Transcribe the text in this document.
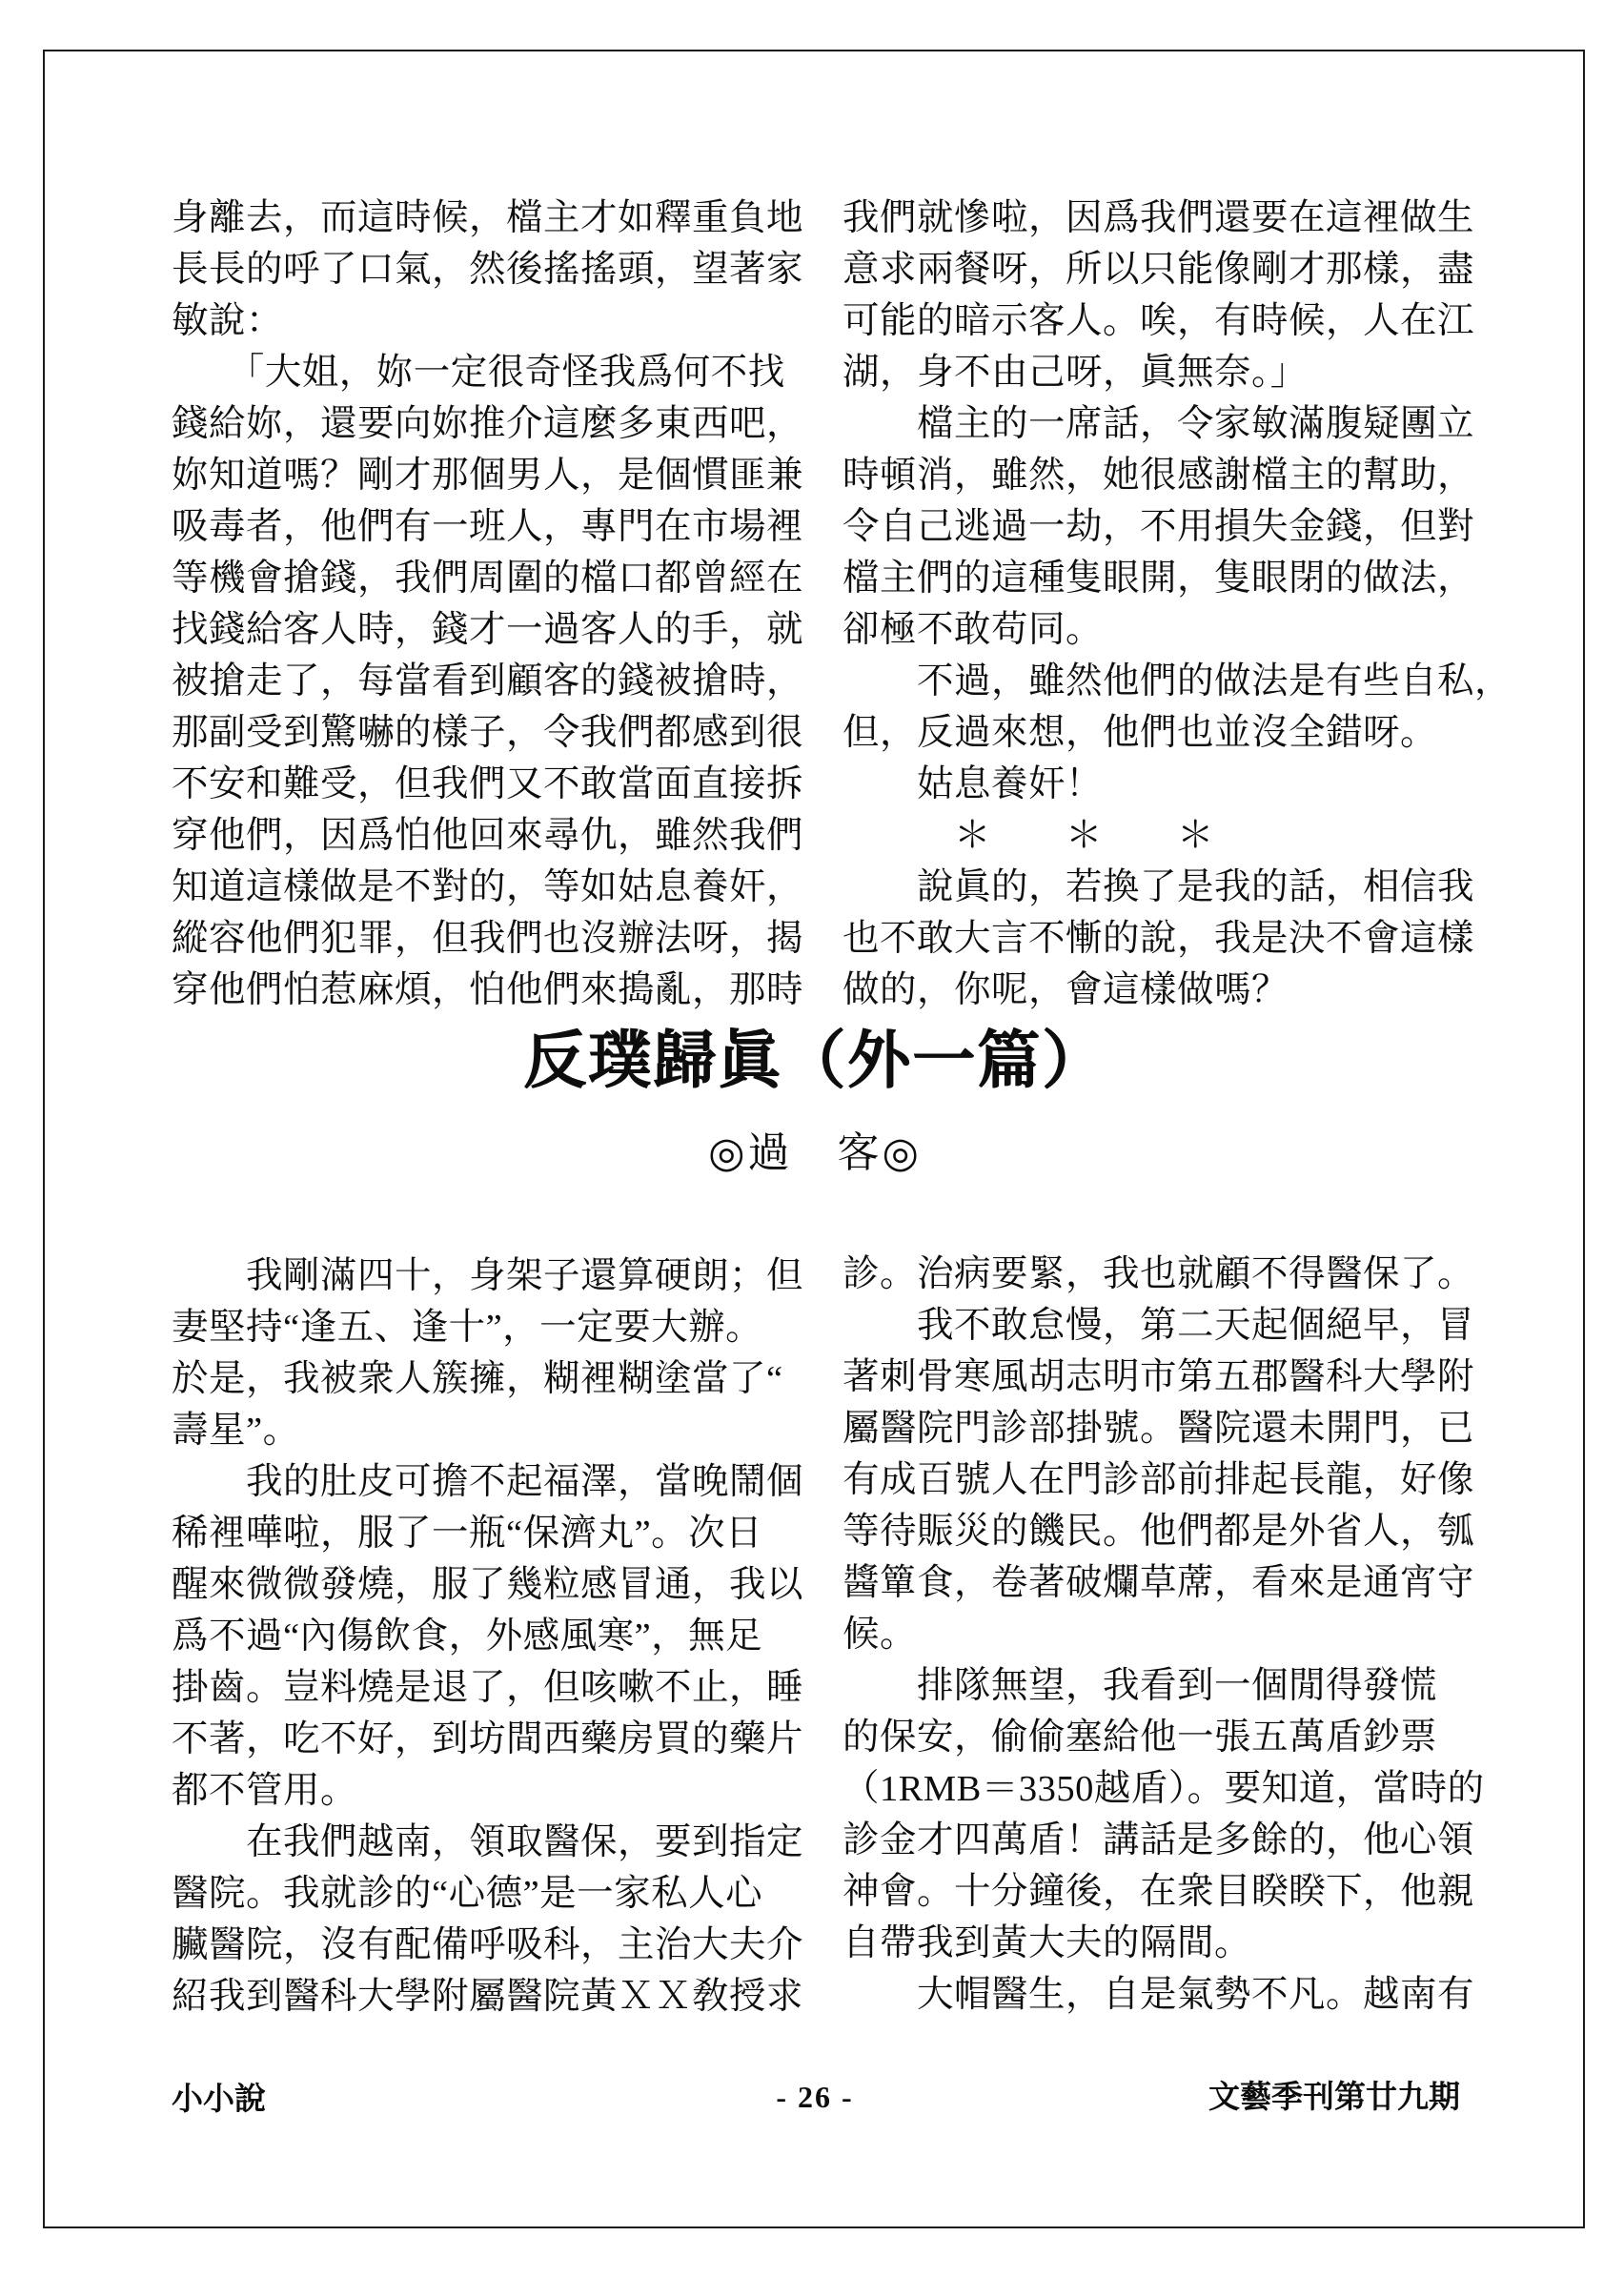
身離去，而這時候，檔主才如釋重負地
長長的呼了口氣，然後搖搖頭，望著家
敏說：
　　「大姐，妳一定很奇怪我爲何不找
錢給妳，還要向妳推介這麼多東西吧，
妳知道嗎？剛才那個男人，是個慣匪兼
吸毒者，他們有一班人，專門在市場裡
等機會搶錢，我們周圍的檔口都曾經在
找錢給客人時，錢才一過客人的手，就
被搶走了，每當看到顧客的錢被搶時，
那副受到驚嚇的樣子，令我們都感到很
不安和難受，但我們又不敢當面直接拆
穿他們，因爲怕他回來尋仇，雖然我們
知道這樣做是不對的，等如姑息養奸，
縱容他們犯罪，但我們也沒辦法呀，揭
穿他們怕惹麻煩，怕他們來搗亂，那時
我們就慘啦，因爲我們還要在這裡做生
意求兩餐呀，所以只能像剛才那樣，盡
可能的暗示客人。唉，有時候，人在江
湖，身不由己呀，眞無奈。」
　　檔主的一席話，令家敏滿腹疑團立
時頓消，雖然，她很感謝檔主的幫助，
令自己逃過一劫，不用損失金錢，但對
檔主們的這種隻眼開，隻眼閉的做法，
卻極不敢苟同。
　　不過，雖然他們的做法是有些自私，
但，反過來想，他們也並沒全錯呀。
　　姑息養奸！
　　　＊　　＊　　＊
　　說眞的，若換了是我的話，相信我
也不敢大言不慚的說，我是決不會這樣
做的，你呢，會這樣做嗎？
反璞歸眞（外一篇）
◎過　客◎
　　我剛滿四十，身架子還算硬朗；但
妻堅持“逢五、逢十”，一定要大辦。
於是，我被衆人簇擁，糊裡糊塗當了“
壽星”。
　　我的肚皮可擔不起福澤，當晚鬧個
稀裡嘩啦，服了一瓶“保濟丸”。次日
醒來微微發燒，服了幾粒感冒通，我以
爲不過“內傷飲食，外感風寒”，無足
掛齒。豈料燒是退了，但咳嗽不止，睡
不著，吃不好，到坊間西藥房買的藥片
都不管用。
　　在我們越南，領取醫保，要到指定
醫院。我就診的“心德”是一家私人心
臟醫院，沒有配備呼吸科，主治大夫介
紹我到醫科大學附屬醫院黃ＸＸ敎授求
診。治病要緊，我也就顧不得醫保了。
　　我不敢怠慢，第二天起個絕早，冒
著刺骨寒風胡志明市第五郡醫科大學附
屬醫院門診部掛號。醫院還未開門，已
有成百號人在門診部前排起長龍，好像
等待賑災的饑民。他們都是外省人，瓠
醬簞食，卷著破爛草蓆，看來是通宵守
候。
　　排隊無望，我看到一個閒得發慌
的保安，偷偷塞給他一張五萬盾鈔票
（1RMB＝3350越盾）。要知道，當時的
診金才四萬盾！講話是多餘的，他心領
神會。十分鐘後，在衆目睽睽下，他親
自帶我到黃大夫的隔間。
　　大帽醫生，自是氣勢不凡。越南有
小小說	- 26 -	文藝季刊第廿九期
